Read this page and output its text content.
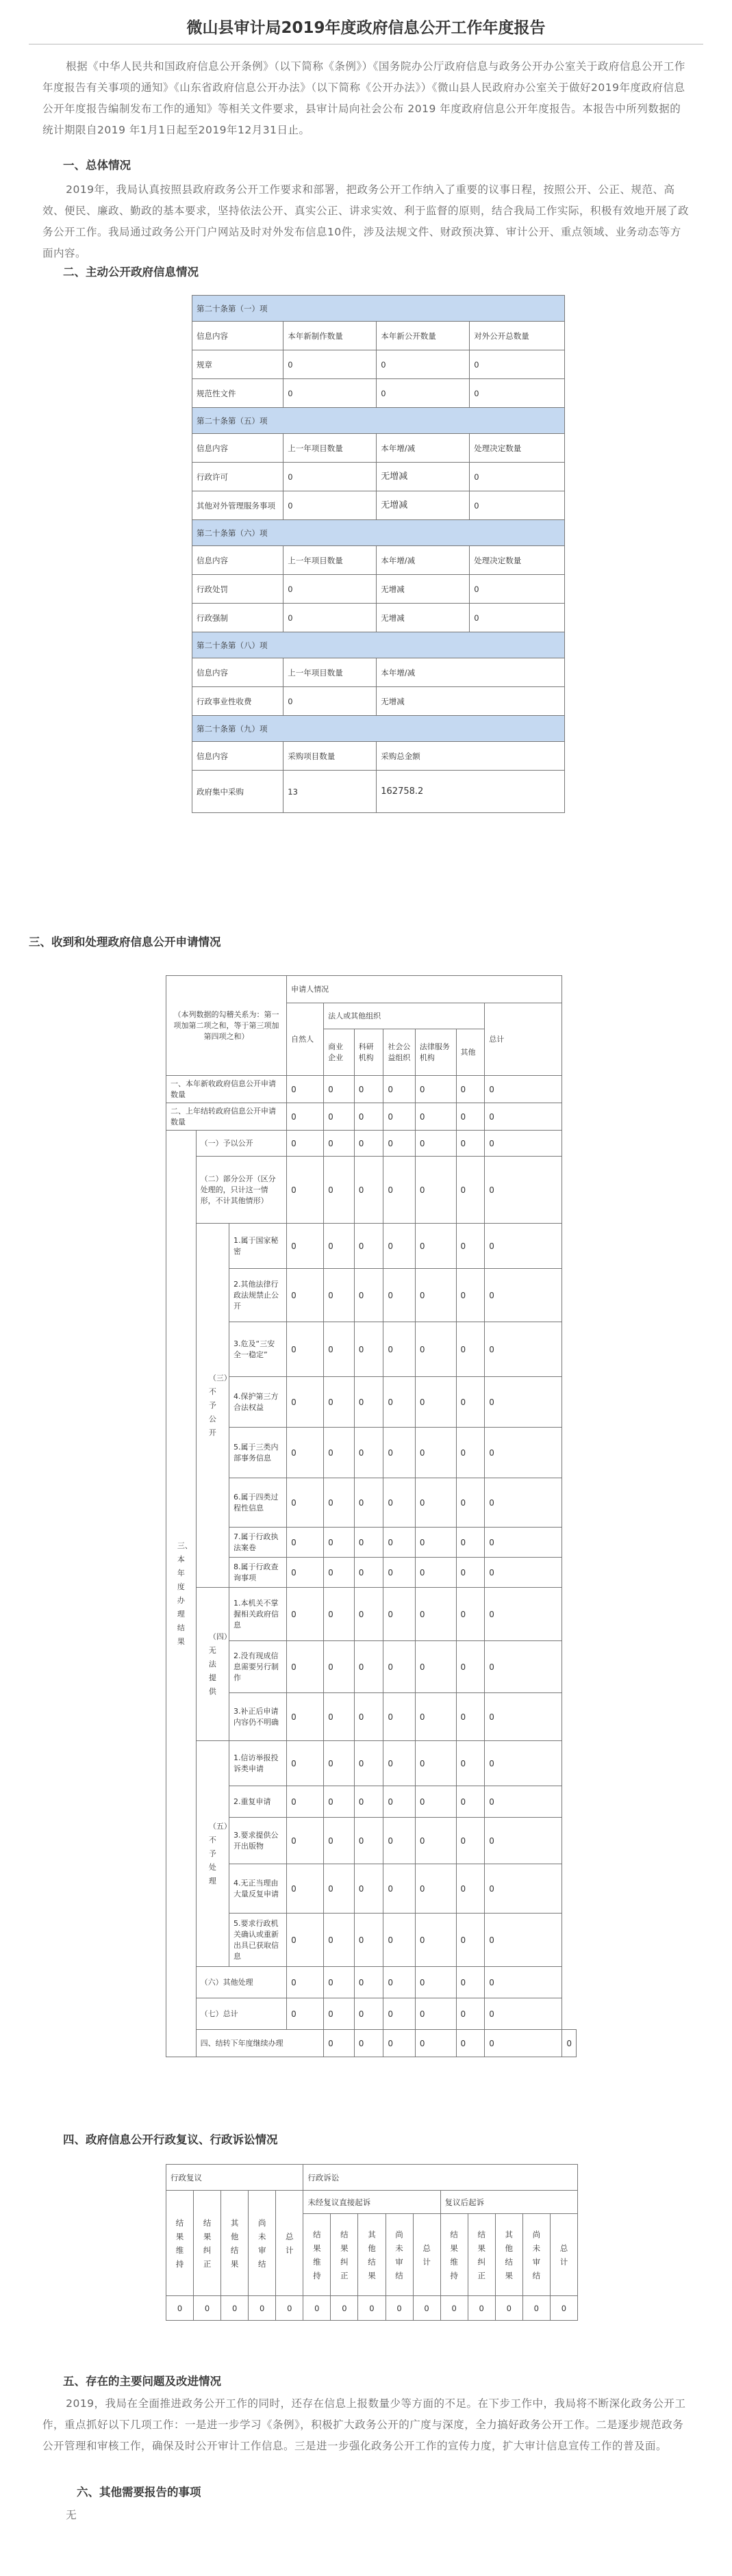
微山县审计局2019年度政府信息公开工作年度报告

根据《中华人民共和国政府信息公开条例》（以下简称《条例》）《国务院办公厅政府信息与政务公开办公室关于政府信息公开工作年度报告有关事项的通知》《山东省政府信息公开办法》（以下简称《公开办法》）《微山县人民政府办公室关于做好2019年度政府信息公开年度报告编制发布工作的通知》等相关文件要求，县审计局向社会公布 2019 年度政府信息公开年度报告。本报告中所列数据的统计期限自2019 年1月1日起至2019年12月31日止。

一、总体情况

2019年，我局认真按照县政府政务公开工作要求和部署，把政务公开工作纳入了重要的议事日程，按照公开、公正、规范、高效、便民、廉政、勤政的基本要求，坚持依法公开、真实公正、讲求实效、利于监督的原则，结合我局工作实际，积极有效地开展了政务公开工作。我局通过政务公开门户网站及时对外发布信息10件，涉及法规文件、财政预决算、审计公开、重点领域、业务动态等方面内容。

二、主动公开政府信息情况
第二十条第（一）项			
信息内容	本年新制作数量	本年新公开数量	对外公开总数量
规章	0	0	0
规范性文件	0	0	0
第二十条第（五）项			
信息内容	上一年项目数量	本年增/减	处理决定数量
行政许可	0	无增减	0
其他对外管理服务事项	0	无增减	0
第二十条第（六）项			
信息内容	上一年项目数量	本年增/减	处理决定数量
行政处罚	0	无增减	0
行政强制	0	无增减	0
第二十条第（八）项			
信息内容	上一年项目数量	本年增/减	
行政事业性收费	0	无增减	
第二十条第（九）项			
信息内容	采购项目数量	采购总金额	
政府集中采购	13	162758.2	
三、收到和处理政府信息公开申请情况
（本列数据的勾稽关系为：第一项加第二项之和，等于第三项加第四项之和）			申请人情况							
			自然人	法人或其他组织					总计	
				商业企业	科研机构	社会公益组织	法律服务机构	其他		
一、本年新收政府信息公开申请数量			0	0	0	0	0	0	0	
二、上年结转政府信息公开申请数量			0	0	0	0	0	0	0	

三、本年度办理结果	（一）予以公开		0	0	0	0	0	0	0	
	（二）部分公开（区分处理的，只计这一情形，不计其他情形）		0	0	0	0	0	0	0	

	（三）不予公开	1.属于国家秘密	0	0	0	0	0	0	0	
		2.其他法律行政法规禁止公开	0	0	0	0	0	0	0	
		3.危及“三安全一稳定”	0	0	0	0	0	0	0	
		4.保护第三方合法权益	0	0	0	0	0	0	0	
		5.属于三类内部事务信息	0	0	0	0	0	0	0	
		6.属于四类过程性信息	0	0	0	0	0	0	0	
		7.属于行政执法案卷	0	0	0	0	0	0	0	
		8.属于行政查询事项	0	0	0	0	0	0	0	

	（四）无法提供	1.本机关不掌握相关政府信息	0	0	0	0	0	0	0	
		2.没有现成信息需要另行制作	0	0	0	0	0	0	0	
		3.补正后申请内容仍不明确	0	0	0	0	0	0	0	

	（五）不予处理	1.信访举报投诉类申请	0	0	0	0	0	0	0	
		2.重复申请	0	0	0	0	0	0	0	
		3.要求提供公开出版物	0	0	0	0	0	0	0	
		4.无正当理由大量反复申请	0	0	0	0	0	0	0	
		5.要求行政机关确认或重新出具已获取信息	0	0	0	0	0	0	0	
	（六）其他处理		0	0	0	0	0	0	0	
	（七）总计		0	0	0	0	0	0	0	
	四、结转下年度继续办理			0	0	0	0	0	0	0
四、政府信息公开行政复议、行政诉讼情况
行政复议					行政诉讼									

结果维持	结果纠正	其他结果	尚未审结	总计	未经复议直接起诉					复议后起诉				

					结果维持	结果纠正	其他结果	尚未审结	总计	结果维持	结果纠正	其他结果	尚未审结	总计

0	0	0	0	0	0	0	0	0	0	0	0	0	0	0
五、存在的主要问题及改进情况

2019，我局在全面推进政务公开工作的同时，还存在信息上报数量少等方面的不足。在下步工作中，我局将不断深化政务公开工作，重点抓好以下几项工作：一是进一步学习《条例》，积极扩大政务公开的广度与深度，全力搞好政务公开工作。二是逐步规范政务公开管理和审核工作，确保及时公开审计工作信息。三是进一步强化政务公开工作的宣传力度，扩大审计信息宣传工作的普及面。

六、其他需要报告的事项

无
